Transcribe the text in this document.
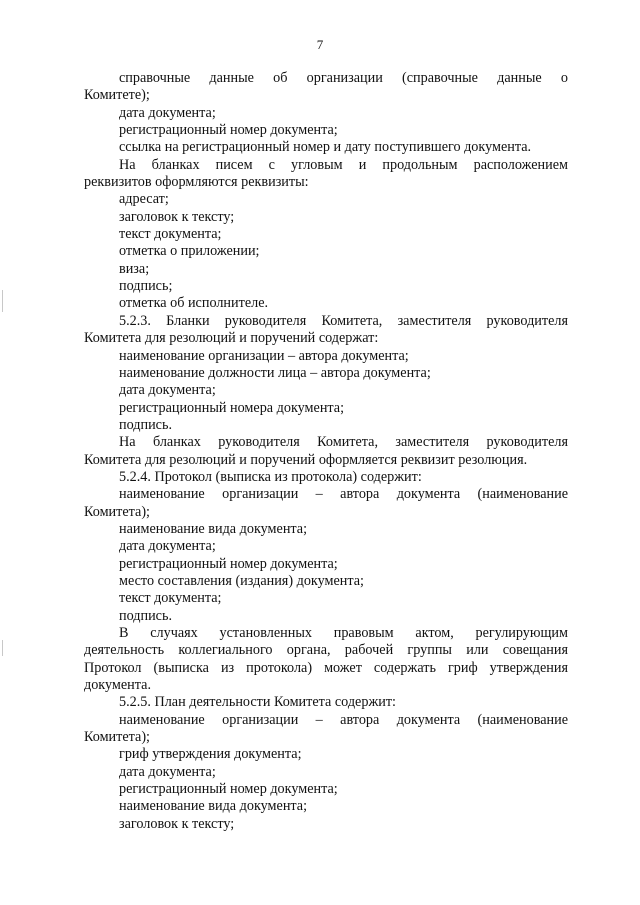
7
справочные данные об организации (справочные данные о
Комитете);
дата документа;
регистрационный номер документа;
ссылка на регистрационный номер и дату поступившего документа.
На бланках писем с угловым и продольным расположением
реквизитов оформляются реквизиты:
адресат;
заголовок к тексту;
текст документа;
отметка о приложении;
виза;
подпись;
отметка об исполнителе.
5.2.3. Бланки руководителя Комитета, заместителя руководителя
Комитета для резолюций и поручений содержат:
наименование организации – автора документа;
наименование должности лица – автора документа;
дата документа;
регистрационный номера документа;
подпись.
На бланках руководителя Комитета, заместителя руководителя
Комитета для резолюций и поручений оформляется реквизит резолюция.
5.2.4. Протокол (выписка из протокола) содержит:
наименование организации – автора документа (наименование
Комитета);
наименование вида документа;
дата документа;
регистрационный номер документа;
место составления (издания) документа;
текст документа;
подпись.
В случаях установленных правовым актом, регулирующим
деятельность коллегиального органа, рабочей группы или совещания
Протокол (выписка из протокола) может содержать гриф утверждения
документа.
5.2.5. План деятельности Комитета содержит:
наименование организации – автора документа (наименование
Комитета);
гриф утверждения документа;
дата документа;
регистрационный номер документа;
наименование вида документа;
заголовок к тексту;
